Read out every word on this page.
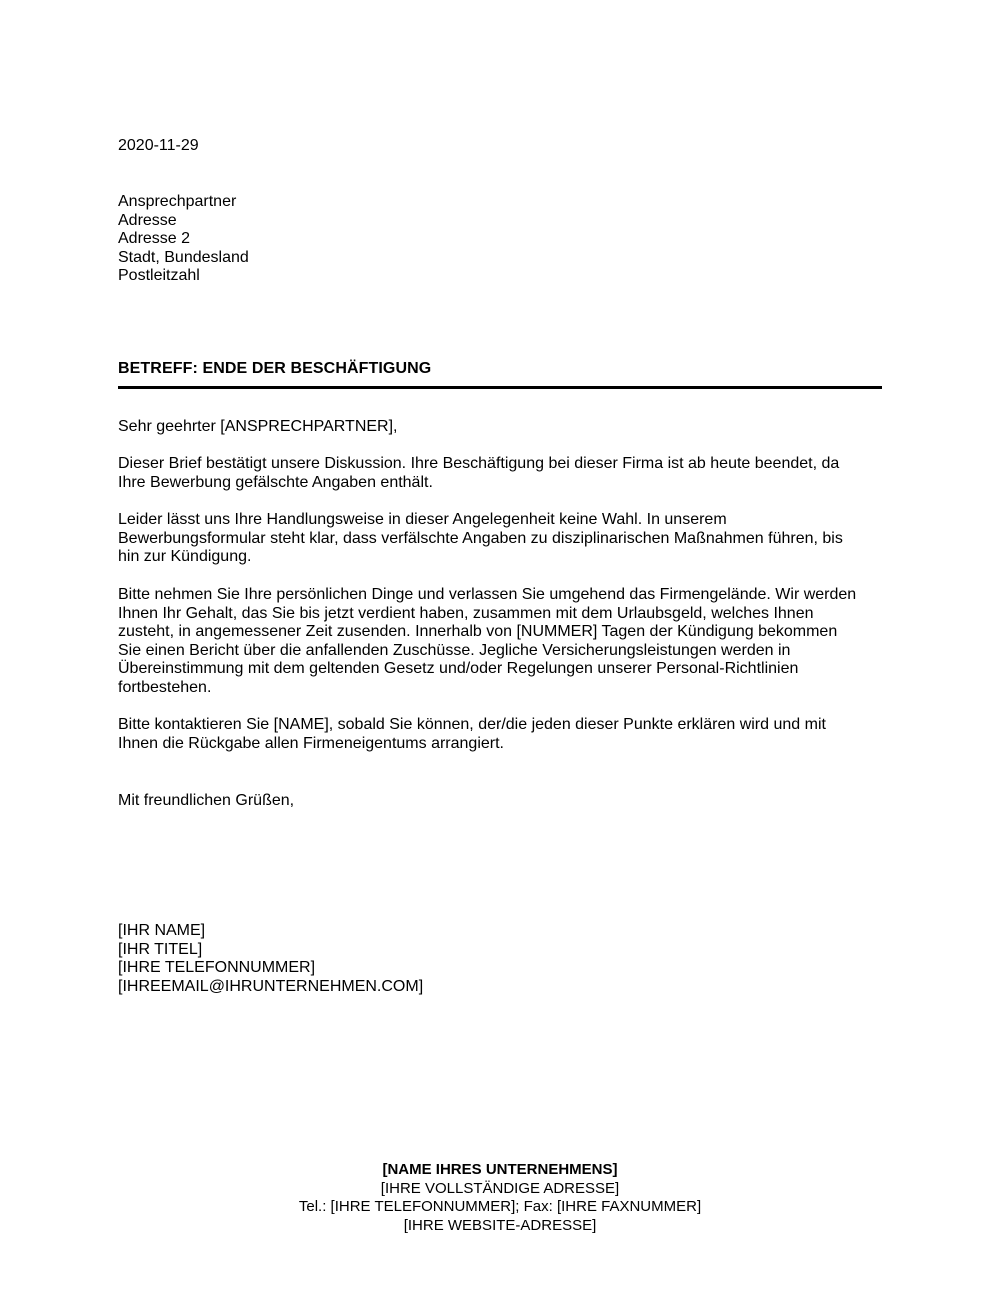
2020-11-29
Ansprechpartner
Adresse
Adresse 2
Stadt, Bundesland
Postleitzahl
BETREFF: ENDE DER BESCHÄFTIGUNG
Sehr geehrter [ANSPRECHPARTNER],
Dieser Brief bestätigt unsere Diskussion. Ihre Beschäftigung bei dieser Firma ist ab heute beendet, da
Ihre Bewerbung gefälschte Angaben enthält.
Leider lässt uns Ihre Handlungsweise in dieser Angelegenheit keine Wahl. In unserem
Bewerbungsformular steht klar, dass verfälschte Angaben zu disziplinarischen Maßnahmen führen, bis
hin zur Kündigung.
Bitte nehmen Sie Ihre persönlichen Dinge und verlassen Sie umgehend das Firmengelände. Wir werden
Ihnen Ihr Gehalt, das Sie bis jetzt verdient haben, zusammen mit dem Urlaubsgeld, welches Ihnen
zusteht, in angemessener Zeit zusenden. Innerhalb von [NUMMER] Tagen der Kündigung bekommen
Sie einen Bericht über die anfallenden Zuschüsse. Jegliche Versicherungsleistungen werden in
Übereinstimmung mit dem geltenden Gesetz und/oder Regelungen unserer Personal-Richtlinien
fortbestehen.
Bitte kontaktieren Sie [NAME], sobald Sie können, der/die jeden dieser Punkte erklären wird und mit
Ihnen die Rückgabe allen Firmeneigentums arrangiert.
Mit freundlichen Grüßen,
[IHR NAME]
[IHR TITEL]
[IHRE TELEFONNUMMER]
[IHREEMAIL@IHRUNTERNEHMEN.COM]
[NAME IHRES UNTERNEHMENS]
[IHRE VOLLSTÄNDIGE ADRESSE]
Tel.: [IHRE TELEFONNUMMER]; Fax: [IHRE FAXNUMMER]
[IHRE WEBSITE-ADRESSE]
